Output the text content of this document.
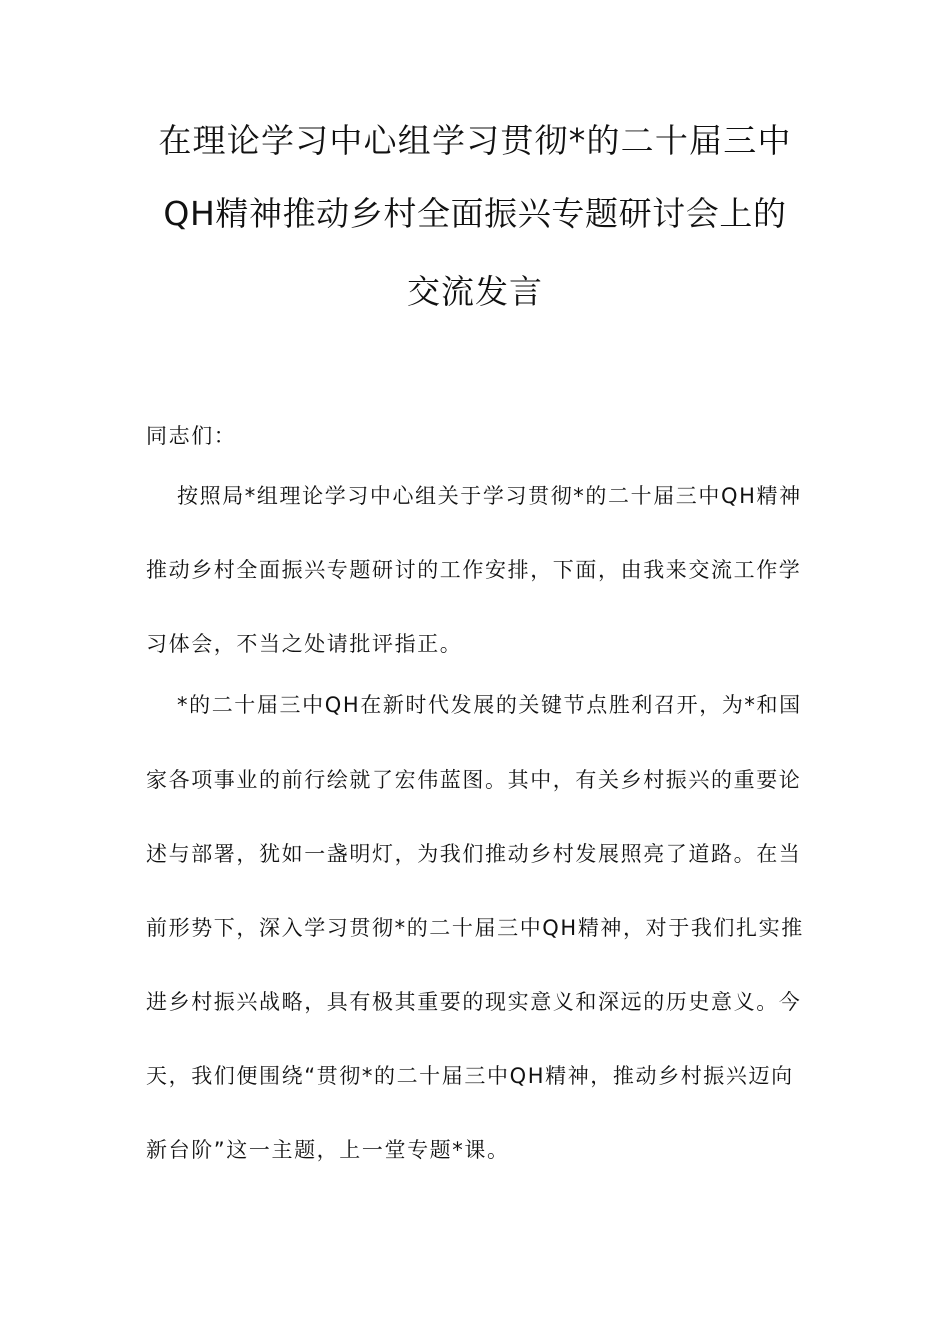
在理论学习中心组学习贯彻*的二十届三中
QH精神推动乡村全面振兴专题研讨会上的
交流发言
同志们：
按照局*组理论学习中心组关于学习贯彻*的二十届三中QH精神
推动乡村全面振兴专题研讨的工作安排，下面，由我来交流工作学
习体会，不当之处请批评指正。
*的二十届三中QH在新时代发展的关键节点胜利召开，为*和国
家各项事业的前行绘就了宏伟蓝图。其中，有关乡村振兴的重要论
述与部署，犹如一盏明灯，为我们推动乡村发展照亮了道路。在当
前形势下，深入学习贯彻*的二十届三中QH精神，对于我们扎实推
进乡村振兴战略，具有极其重要的现实意义和深远的历史意义。今
天，我们便围绕“贯彻*的二十届三中QH精神，推动乡村振兴迈向
新台阶”这一主题，上一堂专题*课。
